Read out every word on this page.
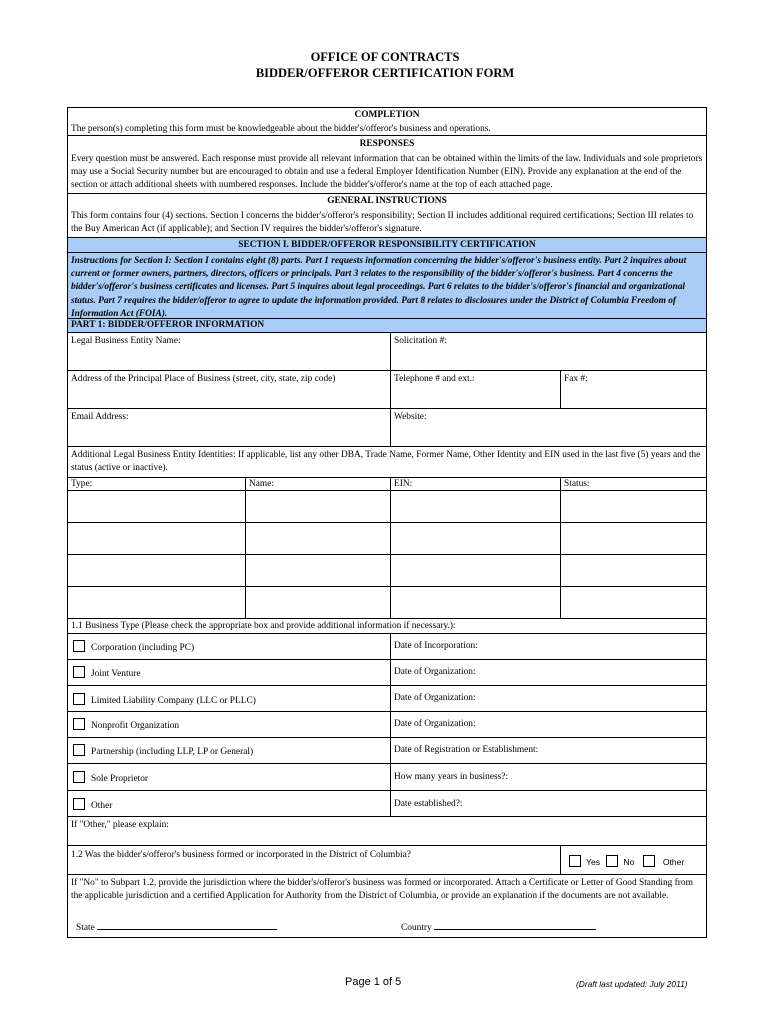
OFFICE OF CONTRACTS
BIDDER/OFFEROR CERTIFICATION FORM
COMPLETION
The person(s) completing this form must be knowledgeable about the bidder's/offeror's business and operations.
RESPONSES
Every question must be answered. Each response must provide all relevant information that can be obtained within the limits of the law. Individuals and sole proprietors may use a Social Security number but are encouraged to obtain and use a federal Employer Identification Number (EIN). Provide any explanation at the end of the section or attach additional sheets with numbered responses. Include the bidder's/offeror's name at the top of each attached page.
GENERAL INSTRUCTIONS
This form contains four (4) sections. Section I concerns the bidder's/offeror's responsibility; Section II includes additional required certifications; Section III relates to the Buy American Act (if applicable); and Section IV requires the bidder's/offeror's signature.
SECTION I. BIDDER/OFFEROR RESPONSIBILITY CERTIFICATION
Instructions for Section I: Section I contains eight (8) parts. Part 1 requests information concerning the bidder's/offeror's business entity. Part 2 inquires about current or former owners, partners, directors, officers or principals. Part 3 relates to the responsibility of the bidder's/offeror's business. Part 4 concerns the bidder's/offeror's business certificates and licenses. Part 5 inquires about legal proceedings. Part 6 relates to the bidder's/offeror's financial and organizational status. Part 7 requires the bidder/offeror to agree to update the information provided. Part 8 relates to disclosures under the District of Columbia Freedom of Information Act (FOIA).
PART 1: BIDDER/OFFEROR INFORMATION
Legal Business Entity Name:	Solicitation #:
Address of the Principal Place of Business (street, city, state, zip code)	Telephone # and ext.:	Fax #:
Email Address:	Website:
Additional Legal Business Entity Identities: If applicable, list any other DBA, Trade Name, Former Name, Other Identity and EIN used in the last five (5) years and the status (active or inactive).
Type:	Name:	EIN:	Status:
1.1 Business Type (Please check the appropriate box and provide additional information if necessary.):
Corporation (including PC)	Date of Incorporation:
Joint Venture	Date of Organization:
Limited Liability Company (LLC or PLLC)	Date of Organization:
Nonprofit Organization	Date of Organization:
Partnership (including LLP, LP or General)	Date of Registration or Establishment:
Sole Proprietor	How many years in business?:
Other	Date established?:
If "Other," please explain:
1.2 Was the bidder's/offeror's business formed or incorporated in the District of Columbia?
Yes	No	Other
If "No" to Subpart 1.2, provide the jurisdiction where the bidder's/offeror's business was formed or incorporated. Attach a Certificate or Letter of Good Standing from the applicable jurisdiction and a certified Application for Authority from the District of Columbia, or provide an explanation if the documents are not available.
State	Country
Page 1 of 5	(Draft last updated: July 2011)
